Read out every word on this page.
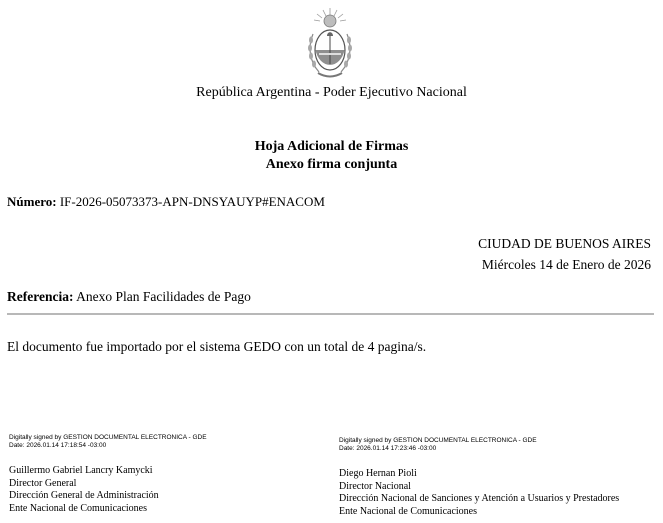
República Argentina - Poder Ejecutivo Nacional
Hoja Adicional de Firmas
Anexo firma conjunta
Número: IF-2026-05073373-APN-DNSYAUYP#ENACOM
CIUDAD DE BUENOS AIRES
Miércoles 14 de Enero de 2026
Referencia: Anexo Plan Facilidades de Pago
El documento fue importado por el sistema GEDO con un total de 4 pagina/s.
Digitally signed by GESTION DOCUMENTAL ELECTRONICA - GDE
Date: 2026.01.14 17:18:54 -03:00
Guillermo Gabriel Lancry Kamycki
Director General
Dirección General de Administración
Ente Nacional de Comunicaciones
Digitally signed by GESTION DOCUMENTAL ELECTRONICA - GDE
Date: 2026.01.14 17:23:46 -03:00
Diego Hernan Pioli
Director Nacional
Dirección Nacional de Sanciones y Atención a Usuarios y Prestadores
Ente Nacional de Comunicaciones
